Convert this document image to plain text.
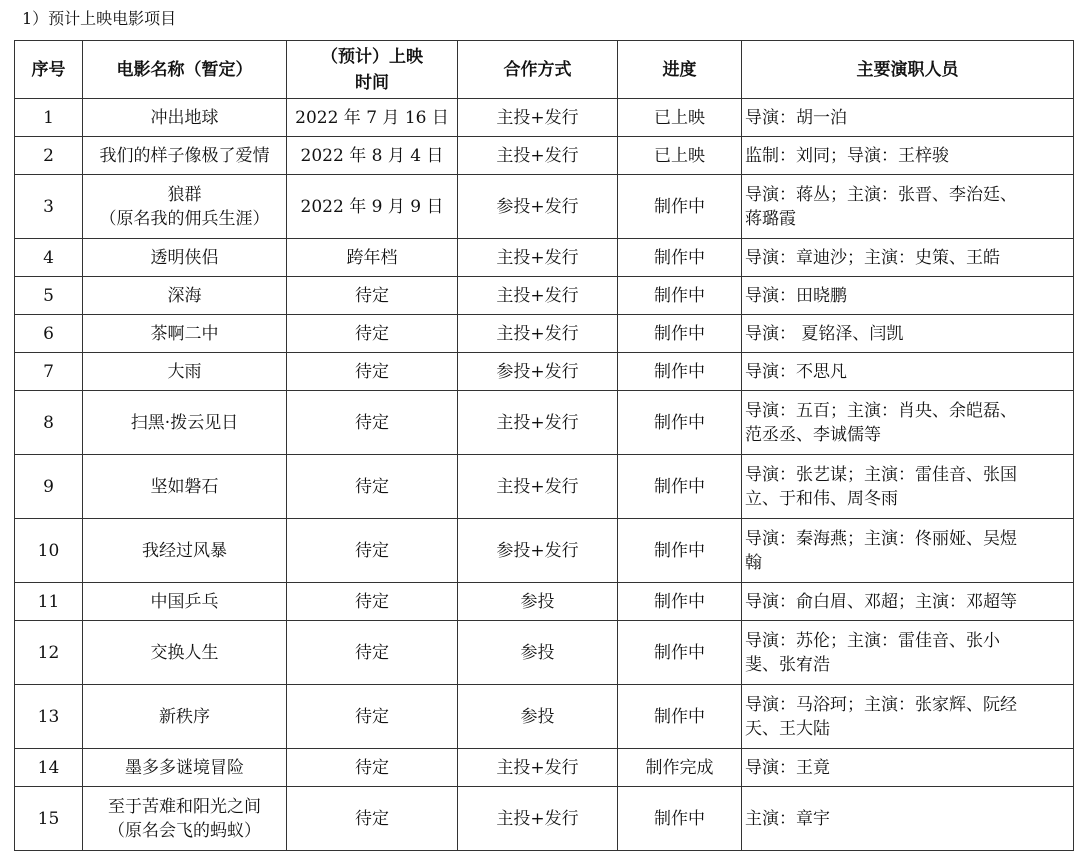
1）预计上映电影项目
序号	电影名称（暂定）	（预计）上映
时间	合作方式	进度	主要演职人员
1	冲出地球	2022 年 7 月 16 日	主投+发行	已上映	导演：胡一泊

2	我们的样子像极了爱情	2022 年 8 月 4 日	主投+发行	已上映	监制：刘同；导演：王梓骏

3	狼群
（原名我的佣兵生涯）	2022 年 9 月 9 日	参投+发行	制作中	导演：蒋丛；主演：张晋、李治廷、
蒋璐霞

4	透明侠侣	跨年档	主投+发行	制作中	导演：章迪沙；主演：史策、王皓

5	深海	待定	主投+发行	制作中	导演：田晓鹏

6	茶啊二中	待定	主投+发行	制作中	导演： 夏铭泽、闫凯

7	大雨	待定	参投+发行	制作中	导演：不思凡

8	扫黑·拨云见日	待定	主投+发行	制作中	导演：五百；主演：肖央、余皑磊、
范丞丞、李诚儒等

9	坚如磐石	待定	主投+发行	制作中	导演：张艺谋；主演：雷佳音、张国
立、于和伟、周冬雨

10	我经过风暴	待定	参投+发行	制作中	导演：秦海燕；主演：佟丽娅、吴煜
翰

11	中国乒乓	待定	参投	制作中	导演：俞白眉、邓超；主演：邓超等

12	交换人生	待定	参投	制作中	导演：苏伦；主演：雷佳音、张小
斐、张宥浩

13	新秩序	待定	参投	制作中	导演：马浴珂；主演：张家辉、阮经
天、王大陆

14	墨多多谜境冒险	待定	主投+发行	制作完成	导演：王竟

15	至于苦难和阳光之间
（原名会飞的蚂蚁）	待定	主投+发行	制作中	主演：章宇
